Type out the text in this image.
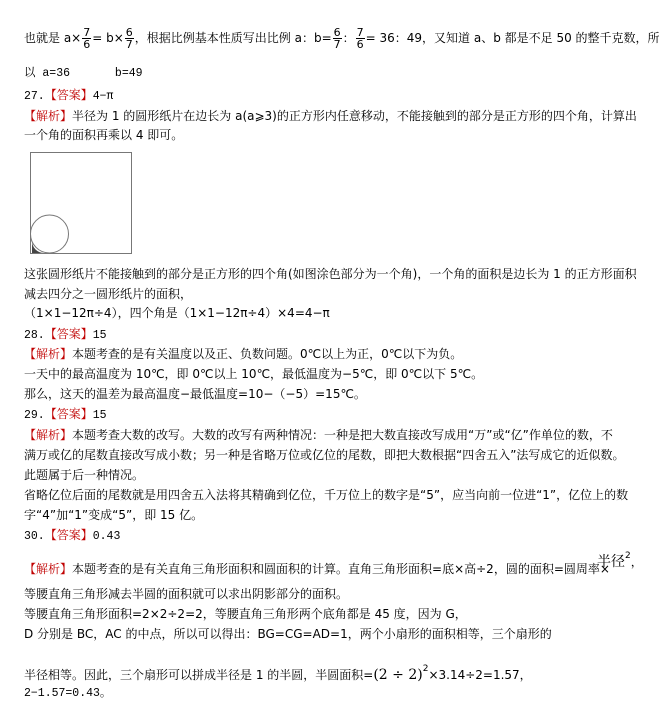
也就是 $a\times \frac{7}{6} = b\times \frac{6}{7}$ ，根据比例基本性质写出比例 a：$b= \frac{6}{7}$ ： $\frac{7}{6} = 36$：49，又知道 a、b 都是不足 50 的整千克数，所
以 a=36	b=49
27.【答案】4−π
【解析】半径为 1 的圆形纸片在边长为 a(a⩾3)的正方形内任意移动，不能接触到的部分是正方形的四个角，计算出
一个角的面积再乘以 4 即可。
这张圆形纸片不能接触到的部分是正方形的四个角(如图涂色部分为一个角)，一个角的面积是边长为 1 的正方形面积
减去四分之一圆形纸片的面积，
（1×1−12π÷4），四个角是（1×1−12π÷4）×4=4−π
28.【答案】15
【解析】本题考查的是有关温度以及正、负数问题。0℃以上为正，0℃以下为负。
一天中的最高温度为 10℃，即 0℃以上 10℃，最低温度为−5℃，即 0℃以下 5℃。
那么，这天的温差为最高温度−最低温度=10−（−5）=15℃。
29.【答案】15
【解析】本题考查大数的改写。大数的改写有两种情况：一种是把大数直接改写成用“万”或“亿”作单位的数，不
满万或亿的尾数直接改写成小数；另一种是省略万位或亿位的尾数，即把大数根据“四舍五入”法写成它的近似数。
此题属于后一种情况。
省略亿位后面的尾数就是用四舍五入法将其精确到亿位，千万位上的数字是“5”，应当向前一位进“1”，亿位上的数
字“4”加“1”变成“5”，即 15 亿。
30.【答案】0.43
【解析】本题考查的是有关直角三角形面积和圆面积的计算。直角三角形面积=底×高÷2，圆的面积=圆周率×
半径$^2$，
等腰直角三角形减去半圆的面积就可以求出阴影部分的面积。
等腰直角三角形面积=2×2÷2=2，等腰直角三角形两个底角都是 45 度，因为 G，
D 分别是 BC，AC 的中点，所以可以得出：BG=CG=AD=1，两个小扇形的面积相等，三个扇形的
半径相等。因此，三个扇形可以拼成半径是 1 的半圆，半圆面积$=(2 \div 2)^2\times 3.14\div 2=1.57$，
2−1.57=0.43。
